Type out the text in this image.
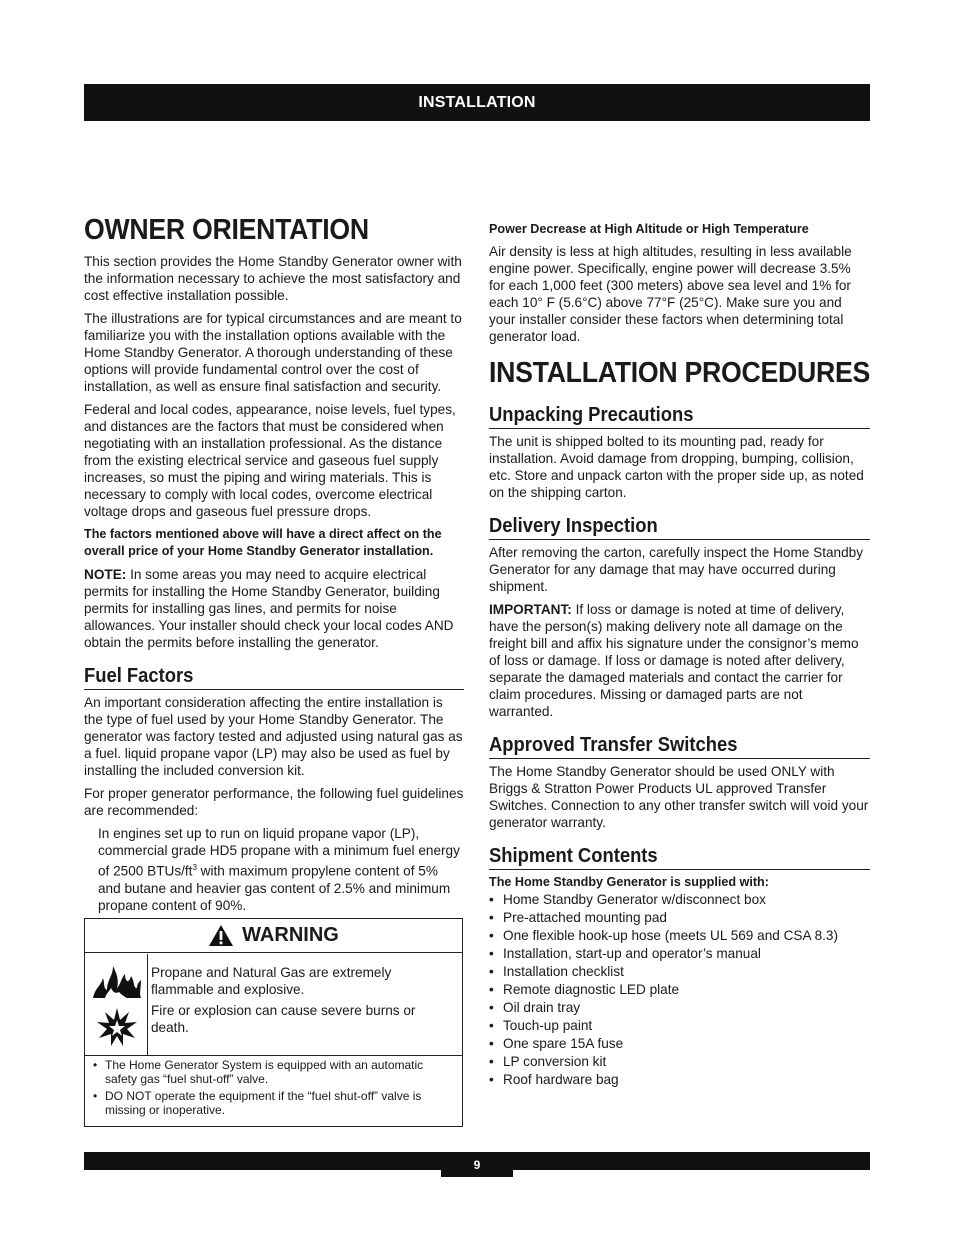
INSTALLATION
OWNER ORIENTATION

This section provides the Home Standby Generator owner with the information necessary to achieve the most satisfactory and cost effective installation possible.

The illustrations are for typical circumstances and are meant to familiarize you with the installation options available with the Home Standby Generator. A thorough understanding of these options will provide fundamental control over the cost of installation, as well as ensure final satisfaction and security.

Federal and local codes, appearance, noise levels, fuel types, and distances are the factors that must be considered when negotiating with an installation professional. As the distance from the existing electrical service and gaseous fuel supply increases, so must the piping and wiring materials. This is necessary to comply with local codes, overcome electrical voltage drops and gaseous fuel pressure drops.

The factors mentioned above will have a direct affect on the overall price of your Home Standby Generator installation.

NOTE: In some areas you may need to acquire electrical permits for installing the Home Standby Generator, building permits for installing gas lines, and permits for noise allowances. Your installer should check your local codes AND obtain the permits before installing the generator.

Fuel Factors

An important consideration affecting the entire installation is the type of fuel used by your Home Standby Generator. The generator was factory tested and adjusted using natural gas as a fuel. liquid propane vapor (LP) may also be used as fuel by installing the included conversion kit.

For proper generator performance, the following fuel guidelines are recommended:

In engines set up to run on liquid propane vapor (LP), commercial grade HD5 propane with a minimum fuel energy of 2500 BTUs/$ft^3$ with maximum propylene content of 5% and butane and heavier gas content of 2.5% and minimum propane content of 90%.

WARNING

Propane and Natural Gas are extremely flammable and explosive.

Fire or explosion can cause severe burns or death.

• The Home Generator System is equipped with an automatic safety gas “fuel shut-off” valve.
• DO NOT operate the equipment if the “fuel shut-off” valve is missing or inoperative.

Power Decrease at High Altitude or High Temperature

Air density is less at high altitudes, resulting in less available engine power. Specifically, engine power will decrease 3.5% for each 1,000 feet (300 meters) above sea level and 1% for each 10° F (5.6°C) above 77°F (25°C). Make sure you and your installer consider these factors when determining total generator load.

INSTALLATION PROCEDURES
Unpacking Precautions

The unit is shipped bolted to its mounting pad, ready for installation. Avoid damage from dropping, bumping, collision, etc. Store and unpack carton with the proper side up, as noted on the shipping carton.

Delivery Inspection

After removing the carton, carefully inspect the Home Standby Generator for any damage that may have occurred during shipment.

IMPORTANT: If loss or damage is noted at time of delivery, have the person(s) making delivery note all damage on the freight bill and affix his signature under the consignor’s memo of loss or damage. If loss or damage is noted after delivery, separate the damaged materials and contact the carrier for claim procedures. Missing or damaged parts are not warranted.

Approved Transfer Switches

The Home Standby Generator should be used ONLY with Briggs & Stratton Power Products UL approved Transfer Switches. Connection to any other transfer switch will void your generator warranty.

Shipment Contents

The Home Standby Generator is supplied with:

• Home Standby Generator w/disconnect box
• Pre-attached mounting pad
• One flexible hook-up hose (meets UL 569 and CSA 8.3)
• Installation, start-up and operator’s manual
• Installation checklist
• Remote diagnostic LED plate
• Oil drain tray
• Touch-up paint
• One spare 15A fuse
• LP conversion kit
• Roof hardware bag
9
